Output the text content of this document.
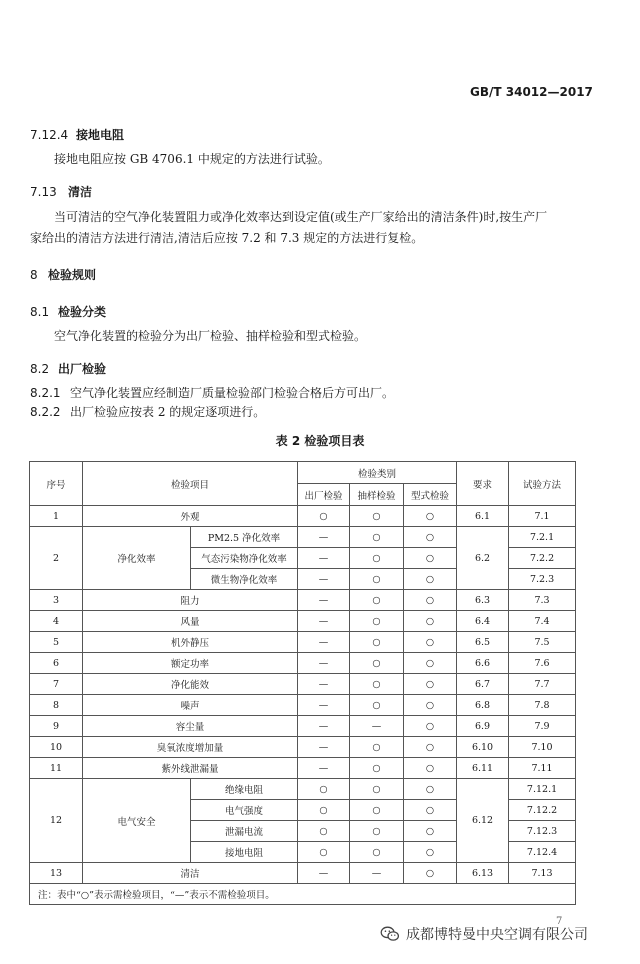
GB/T 34012—2017
7.12.4 接地电阻
接地电阻应按 GB 4706.1 中规定的方法进行试验。
7.13 清洁
当可清洁的空气净化装置阻力或净化效率达到设定值(或生产厂家给出的清洁条件)时,按生产厂
家给出的清洁方法进行清洁,清洁后应按 7.2 和 7.3 规定的方法进行复检。
8 检验规则
8.1 检验分类
空气净化装置的检验分为出厂检验、抽样检验和型式检验。
8.2 出厂检验
8.2.1 空气净化装置应经制造厂质量检验部门检验合格后方可出厂。
8.2.2 出厂检验应按表 2 的规定逐项进行。
表 2 检验项目表
序号	检验项目		检验类别			要求	试验方法
			出厂检验	抽样检验	型式检验		
1	外观		○	○	○	6.1	7.1
2	净化效率	PM2.5 净化效率	—	○	○	6.2	7.2.1
		气态污染物净化效率	—	○	○		7.2.2
		微生物净化效率	—	○	○		7.2.3
3	阻力		—	○	○	6.3	7.3
4	风量		—	○	○	6.4	7.4
5	机外静压		—	○	○	6.5	7.5
6	额定功率		—	○	○	6.6	7.6
7	净化能效		—	○	○	6.7	7.7
8	噪声		—	○	○	6.8	7.8
9	容尘量		—	—	○	6.9	7.9
10	臭氧浓度增加量		—	○	○	6.10	7.10
11	紫外线泄漏量		—	○	○	6.11	7.11
12	电气安全	绝缘电阻	○	○	○	6.12	7.12.1
		电气强度	○	○	○		7.12.2
		泄漏电流	○	○	○		7.12.3
		接地电阻	○	○	○		7.12.4
13	清洁		—	—	○	6.13	7.13
注：表中“○”表示需检验项目，“—”表示不需检验项目。							
7
成都博特曼中央空调有限公司
